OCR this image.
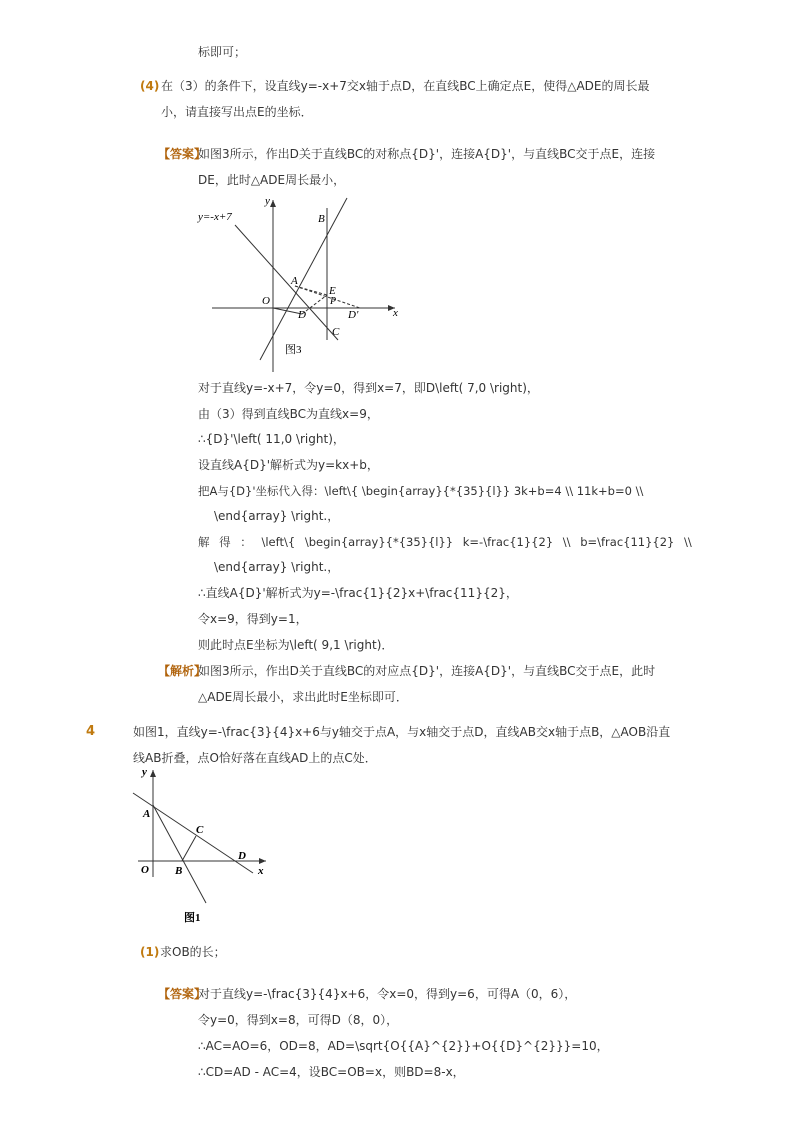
标即可；
(4) 在（3）的条件下，设直线y=-x+7交x轴于点D，在直线BC上确定点E，使得△ADE的周长最
小，请直接写出点E的坐标．
【答案】
如图3所示，作出D关于直线BC的对称点{D}'，连接A{D}'，与直线BC交于点E，连接
DE，此时△ADE周长最小，
y=-x+7
y
x
B
A
E
P
O
D	D'
C
图3
对于直线y=-x+7，令y=0，得到x=7，即D\left( 7,0 \right)，
由（3）得到直线BC为直线x=9，
∴{D}'\left( 11,0 \right)，
设直线A{D}'解析式为y=kx+b，
把A与{D}'坐标代入得：\left\{ \begin{array}{*{35}{l}} 3k+b=4 \\ 11k+b=0 \\
\end{array} \right.，
解 得 ： \left\{ \begin{array}{*{35}{l}} k=-\frac{1}{2} \\ b=\frac{11}{2} \\
\end{array} \right.，
∴直线A{D}'解析式为y=-\frac{1}{2}x+\frac{11}{2}，
令x=9，得到y=1，
则此时点E坐标为\left( 9,1 \right)．
【解析】
如图3所示，作出D关于直线BC的对应点{D}'，连接A{D}'，与直线BC交于点E，此时
△ADE周长最小，求出此时E坐标即可．
4	如图1，直线y=-\frac{3}{4}x+6与y轴交于点A，与x轴交于点D，直线AB交x轴于点B，△AOB沿直
线AB折叠，点O恰好落在直线AD上的点C处．
y
x
A
C
D
O B
图1
(1) 求OB的长；
【答案】
对于直线y=-\frac{3}{4}x+6，令x=0，得到y=6，可得A（0，6），
令y=0，得到x=8，可得D（8，0），
∴AC=AO=6，OD=8，AD=\sqrt{O{{A}^{2}}+O{{D}^{2}}}=10，
∴CD=AD - AC=4，设BC=OB=x，则BD=8-x，
